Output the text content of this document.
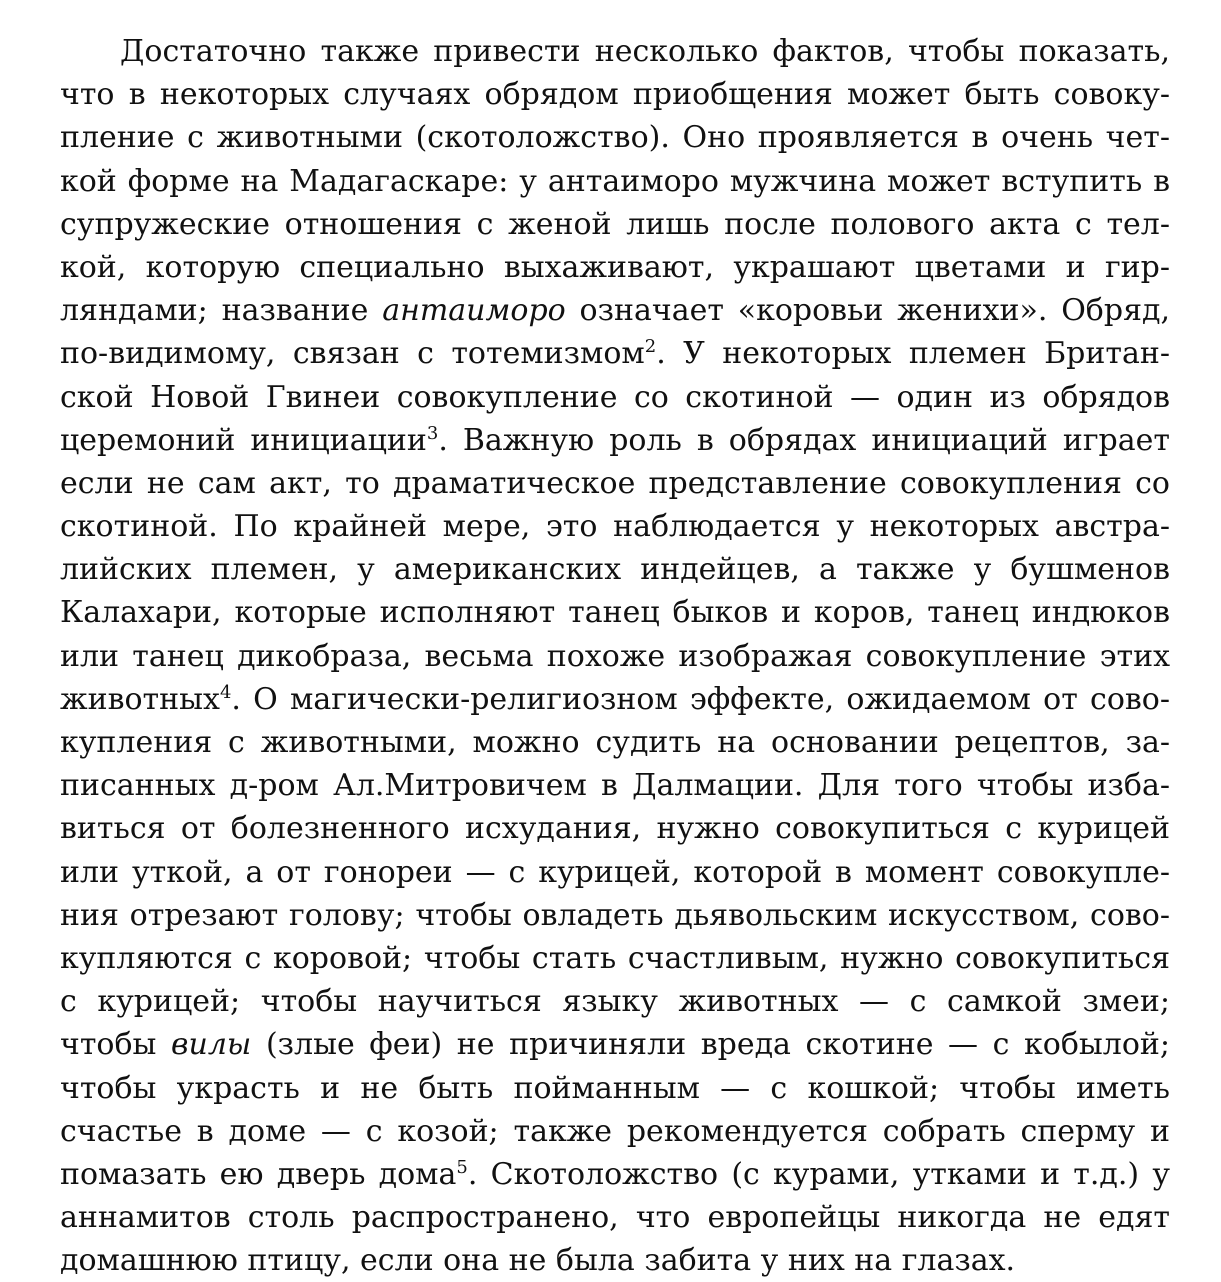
Достаточно также привести несколько фактов, чтобы показать,
что в некоторых случаях обрядом приобщения может быть совоку-
пление с животными (скотоложство). Оно проявляется в очень чет-
кой форме на Мадагаскаре: у антаиморо мужчина может вступить в
супружеские отношения с женой лишь после полового акта с тел-
кой, которую специально выхаживают, украшают цветами и гир-
ляндами; название антаиморо означает «коровьи женихи». Обряд,
по-видимому, связан с тотемизмом$^2$. У некоторых племен Британ-
ской Новой Гвинеи совокупление со скотиной — один из обрядов
церемоний инициации$^3$. Важную роль в обрядах инициаций играет
если не сам акт, то драматическое представление совокупления со
скотиной. По крайней мере, это наблюдается у некоторых австра-
лийских племен, у американских индейцев, а также у бушменов
Калахари, которые исполняют танец быков и коров, танец индюков
или танец дикобраза, весьма похоже изображая совокупление этих
животных$^4$. О магически-религиозном эффекте, ожидаемом от сово-
купления с животными, можно судить на основании рецептов, за-
писанных д-ром Ал.Митровичем в Далмации. Для того чтобы изба-
виться от болезненного исхудания, нужно совокупиться с курицей
или уткой, а от гонореи — с курицей, которой в момент совокупле-
ния отрезают голову; чтобы овладеть дьявольским искусством, сово-
купляются с коровой; чтобы стать счастливым, нужно совокупиться
с курицей; чтобы научиться языку животных — с самкой змеи;
чтобы вилы (злые феи) не причиняли вреда скотине — с кобылой;
чтобы украсть и не быть пойманным — с кошкой; чтобы иметь
счастье в доме — с козой; также рекомендуется собрать сперму и
помазать ею дверь дома$^5$. Скотоложство (с курами, утками и т.д.) у
аннамитов столь распространено, что европейцы никогда не едят
домашнюю птицу, если она не была забита у них на глазах.
